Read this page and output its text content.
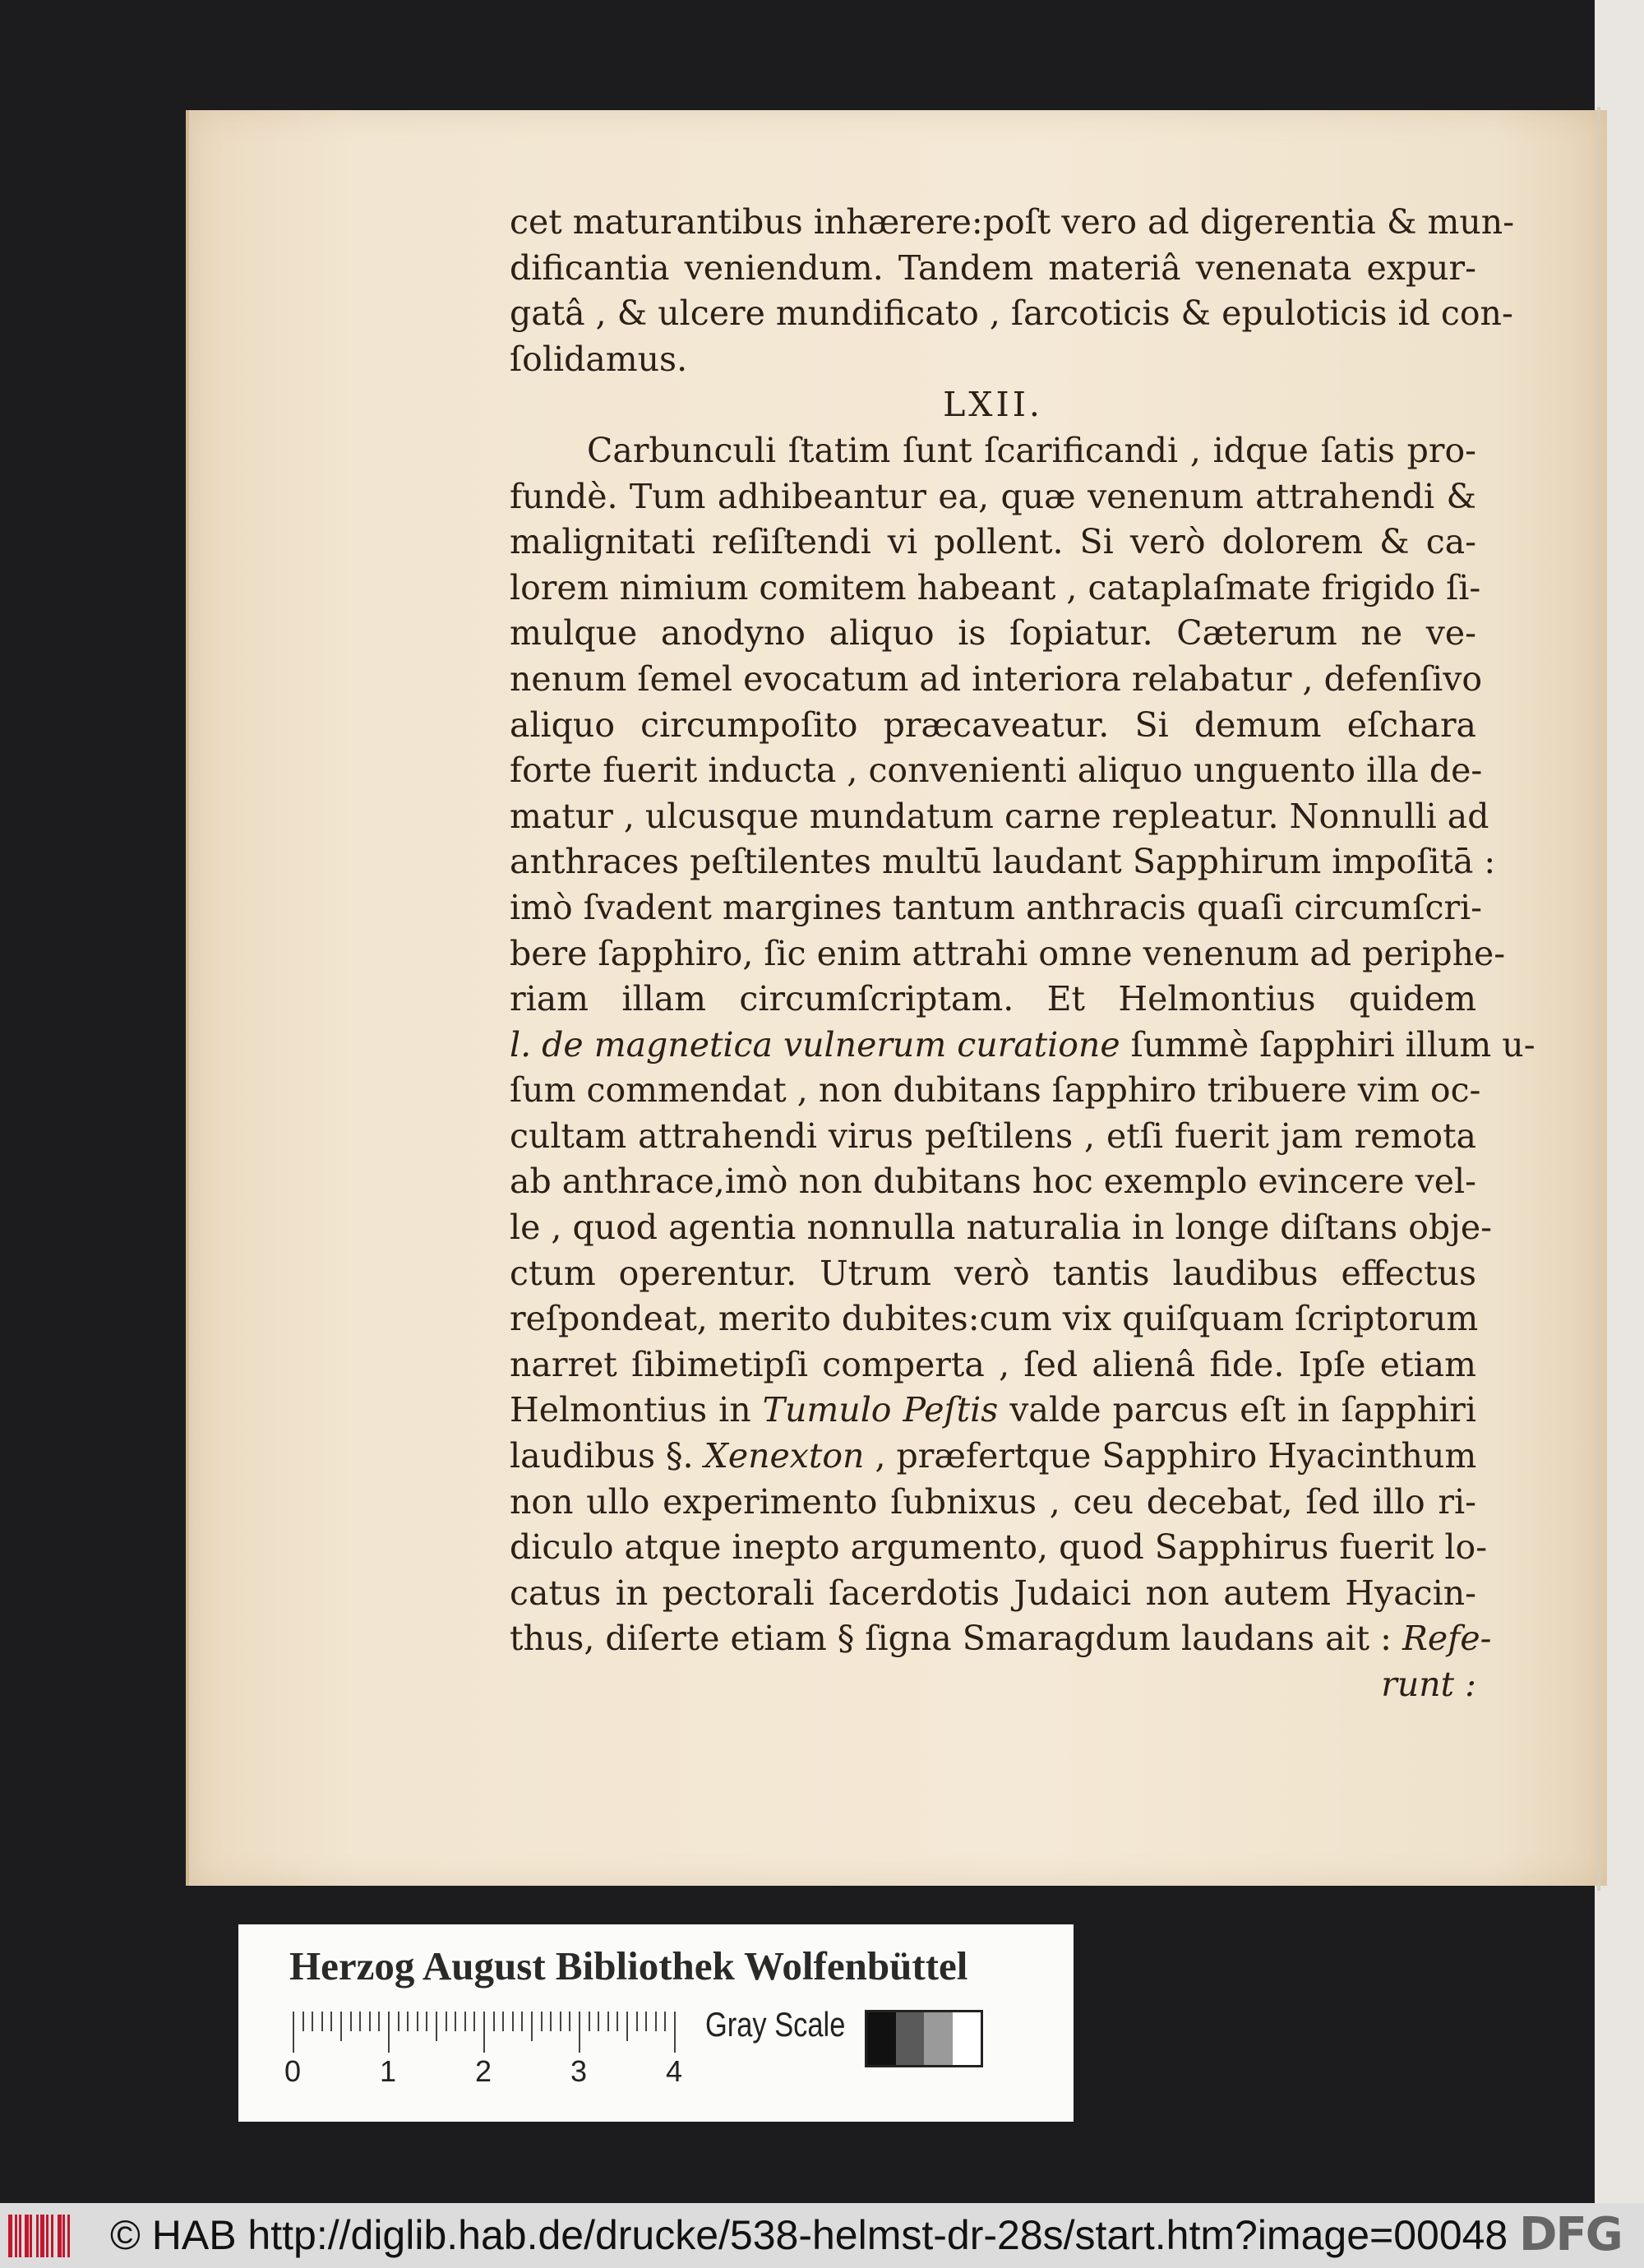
cet maturantibus inhærere:poſt vero ad digerentia & mun-
dificantia veniendum. Tandem materiâ venenata expur-
gatâ , & ulcere mundificato , ſarcoticis & epuloticis id con-
ſolidamus.
LXII.
Carbunculi ſtatim ſunt ſcarificandi , idque ſatis pro-
fundè. Tum adhibeantur ea, quæ venenum attrahendi &
malignitati reſiſtendi vi pollent. Si verò dolorem & ca-
lorem nimium comitem habeant , cataplaſmate frigido ſi-
mulque anodyno aliquo is ſopiatur. Cæterum ne ve-
nenum ſemel evocatum ad interiora relabatur , defenſivo
aliquo circumpoſito præcaveatur. Si demum eſchara
forte fuerit inducta , convenienti aliquo unguento illa de-
matur , ulcusque mundatum carne repleatur. Nonnulli ad
anthraces peſtilentes multū laudant Sapphirum impoſitā :
imò ſvadent margines tantum anthracis quaſi circumſcri-
bere ſapphiro, ſic enim attrahi omne venenum ad periphe-
riam illam circumſcriptam. Et Helmontius quidem
l. de magnetica vulnerum curatione ſummè ſapphiri illum u-
ſum commendat , non dubitans ſapphiro tribuere vim oc-
cultam attrahendi virus peſtilens , etſi fuerit jam remota
ab anthrace,imò non dubitans hoc exemplo evincere vel-
le , quod agentia nonnulla naturalia in longe diſtans obje-
ctum operentur. Utrum verò tantis laudibus effectus
reſpondeat, merito dubites:cum vix quiſquam ſcriptorum
narret ſibimetipſi comperta , ſed alienâ fide. Ipſe etiam
Helmontius in Tumulo Peſtis valde parcus eſt in ſapphiri
laudibus §. Xenexton , præfertque Sapphiro Hyacinthum
non ullo experimento ſubnixus , ceu decebat, ſed illo ri-
diculo atque inepto argumento, quod Sapphirus fuerit lo-
catus in pectorali ſacerdotis Judaici non autem Hyacin-
thus, diſerte etiam § ſigna Smaragdum laudans ait : Refe-
runt :
Herzog August Bibliothek Wolfenbüttel
0	1	2	3	4
Gray Scale
© HAB http://diglib.hab.de/drucke/538-helmst-dr-28s/start.htm?image=00048 DFG
